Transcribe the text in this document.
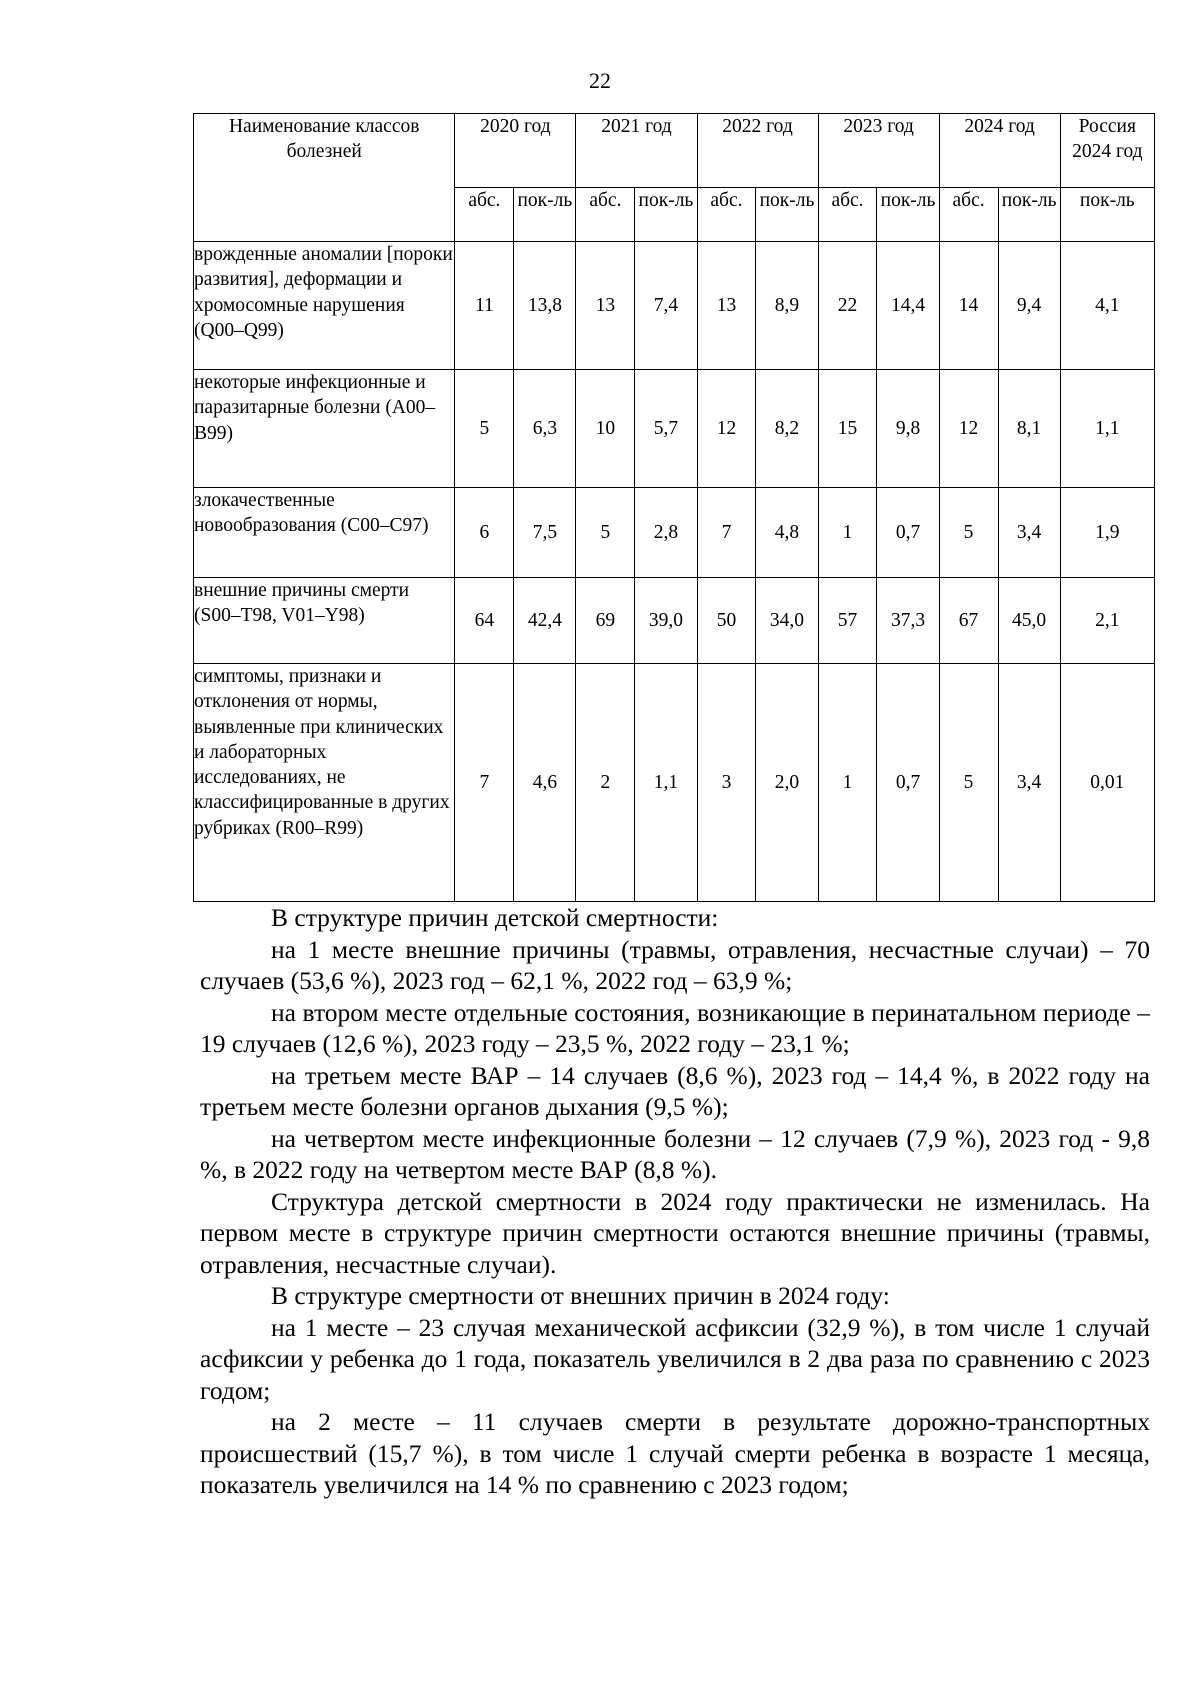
22
Наименование классов болезней	2020 год		2021 год		2022 год		2023 год		2024 год		Россия 2024 год
	абс.	пок-ль	абс.	пок-ль	абс.	пок-ль	абс.	пок-ль	абс.	пок-ль	пок-ль
врожденные аномалии [пороки развития], деформации и хромосомные нарушения (Q00–Q99)	11	13,8	13	7,4	13	8,9	22	14,4	14	9,4	4,1
некоторые инфекционные и паразитарные болезни (A00–B99)	5	6,3	10	5,7	12	8,2	15	9,8	12	8,1	1,1
злокачественные новообразования (C00–C97)	6	7,5	5	2,8	7	4,8	1	0,7	5	3,4	1,9
внешние причины смерти (S00–T98, V01–Y98)	64	42,4	69	39,0	50	34,0	57	37,3	67	45,0	2,1
симптомы, признаки и отклонения от нормы, выявленные при клинических и лабораторных исследованиях, не классифицированные в других рубриках (R00–R99)	7	4,6	2	1,1	3	2,0	1	0,7	5	3,4	0,01

В структуре причин детской смертности:

на 1 месте внешние причины (травмы, отравления, несчастные случаи) – 70 случаев (53,6 %), 2023 год – 62,1 %, 2022 год – 63,9 %;

на втором месте отдельные состояния, возникающие в перинатальном периоде – 19 случаев (12,6 %), 2023 году – 23,5 %, 2022 году – 23,1 %;

на третьем месте ВАР – 14 случаев (8,6 %), 2023 год – 14,4 %, в 2022 году на третьем месте болезни органов дыхания (9,5 %);

на четвертом месте инфекционные болезни – 12 случаев (7,9 %), 2023 год - 9,8 %, в 2022 году на четвертом месте ВАР (8,8 %).

Структура детской смертности в 2024 году практически не изменилась. На первом месте в структуре причин смертности остаются внешние причины (травмы, отравления, несчастные случаи).

В структуре смертности от внешних причин в 2024 году:

на 1 месте – 23 случая механической асфиксии (32,9 %), в том числе 1 случай асфиксии у ребенка до 1 года, показатель увеличился в 2 два раза по сравнению с 2023 годом;

на 2 месте – 11 случаев смерти в результате дорожно-транспортных происшествий (15,7 %), в том числе 1 случай смерти ребенка в возрасте 1 месяца, показатель увеличился на 14 % по сравнению с 2023 годом;
